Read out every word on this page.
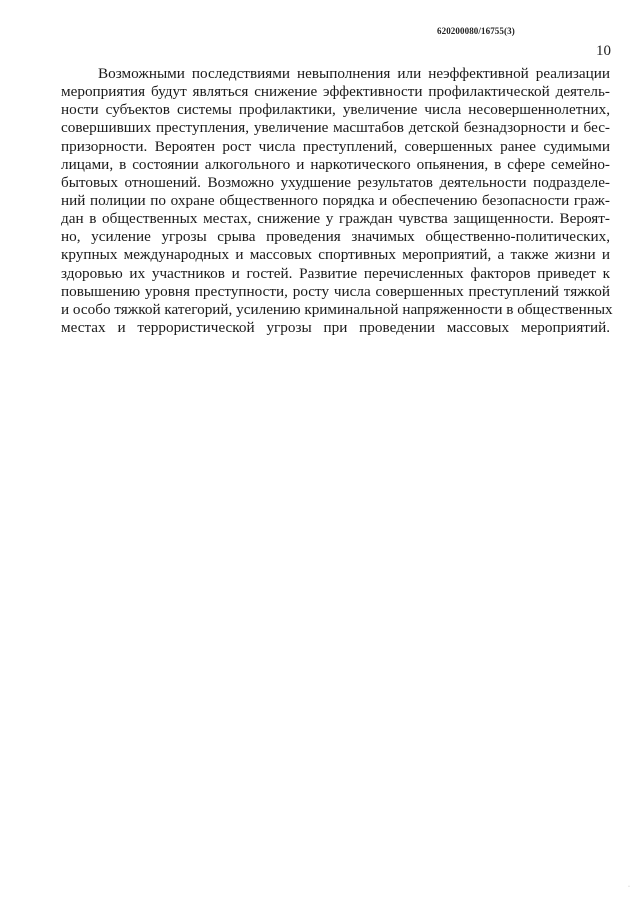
620200080/16755(3)
10
Возможными последствиями невыполнения или неэффективной реализации
мероприятия будут являться снижение эффективности профилактической деятель-
ности субъектов системы профилактики, увеличение числа несовершеннолетних,
совершивших преступления, увеличение масштабов детской безнадзорности и бес-
призорности. Вероятен рост числа преступлений, совершенных ранее судимыми
лицами, в состоянии алкогольного и наркотического опьянения, в сфере семейно-
бытовых отношений. Возможно ухудшение результатов деятельности подразделе-
ний полиции по охране общественного порядка и обеспечению безопасности граж-
дан в общественных местах, снижение у граждан чувства защищенности. Вероят-
но, усиление угрозы срыва проведения значимых общественно-политических,
крупных международных и массовых спортивных мероприятий, а также жизни и
здоровью их участников и гостей. Развитие перечисленных факторов приведет к
повышению уровня преступности, росту числа совершенных преступлений тяжкой
и особо тяжкой категорий, усилению криминальной напряженности в общественных
местах и террористической угрозы при проведении массовых мероприятий.
·
